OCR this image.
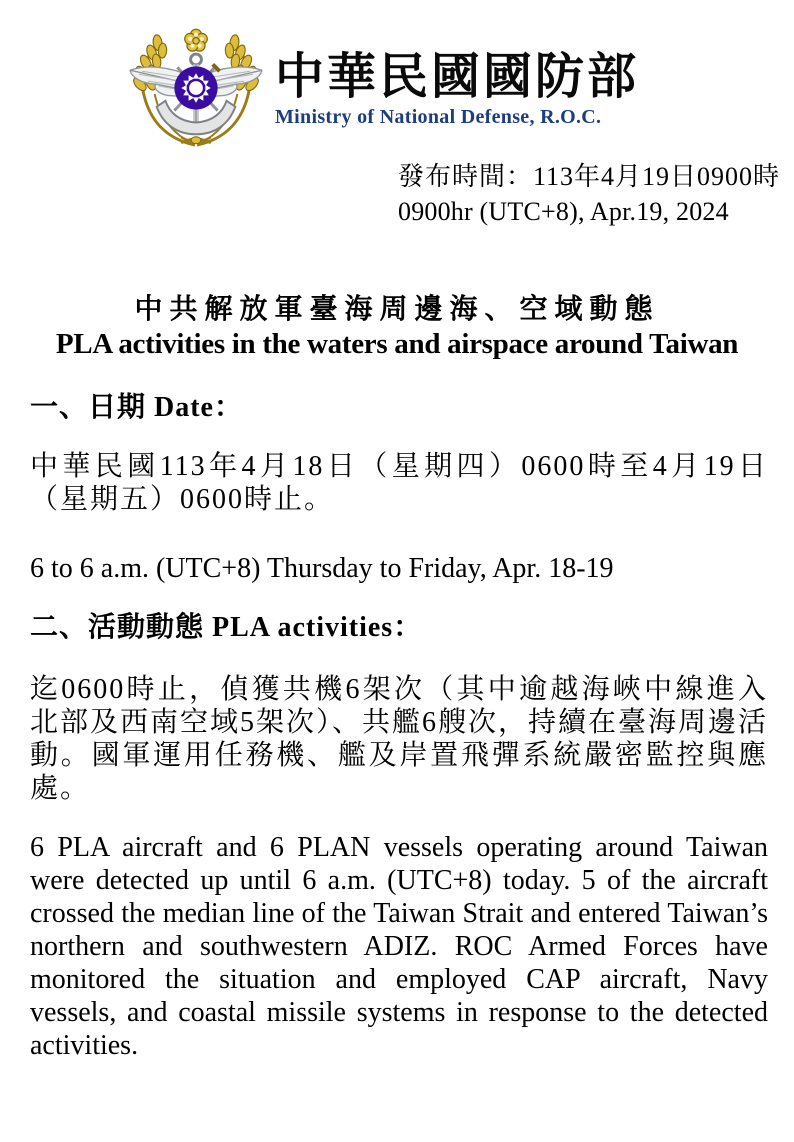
中華民國國防部
Ministry of National Defense, R.O.C.
發布時間：113年4月19日0900時
0900hr (UTC+8), Apr.19, 2024
中共解放軍臺海周邊海、空域動態
PLA activities in the waters and airspace around Taiwan
一、日期 Date：
中華民國113年4月18日（星期四）0600時至4月19日（星期五）0600時止。
6 to 6 a.m. (UTC+8) Thursday to Friday, Apr. 18-19
二、活動動態 PLA activities：
迄0600時止，偵獲共機6架次（其中逾越海峽中線進入北部及西南空域5架次）、共艦6艘次，持續在臺海周邊活動。國軍運用任務機、艦及岸置飛彈系統嚴密監控與應處。
6 PLA aircraft and 6 PLAN vessels operating around Taiwan were detected up until 6 a.m. (UTC+8) today. 5 of the aircraft crossed the median line of the Taiwan Strait and entered Taiwan’s northern and southwestern ADIZ. ROC Armed Forces have monitored the situation and employed CAP aircraft, Navy vessels, and coastal missile systems in response to the detected activities.
